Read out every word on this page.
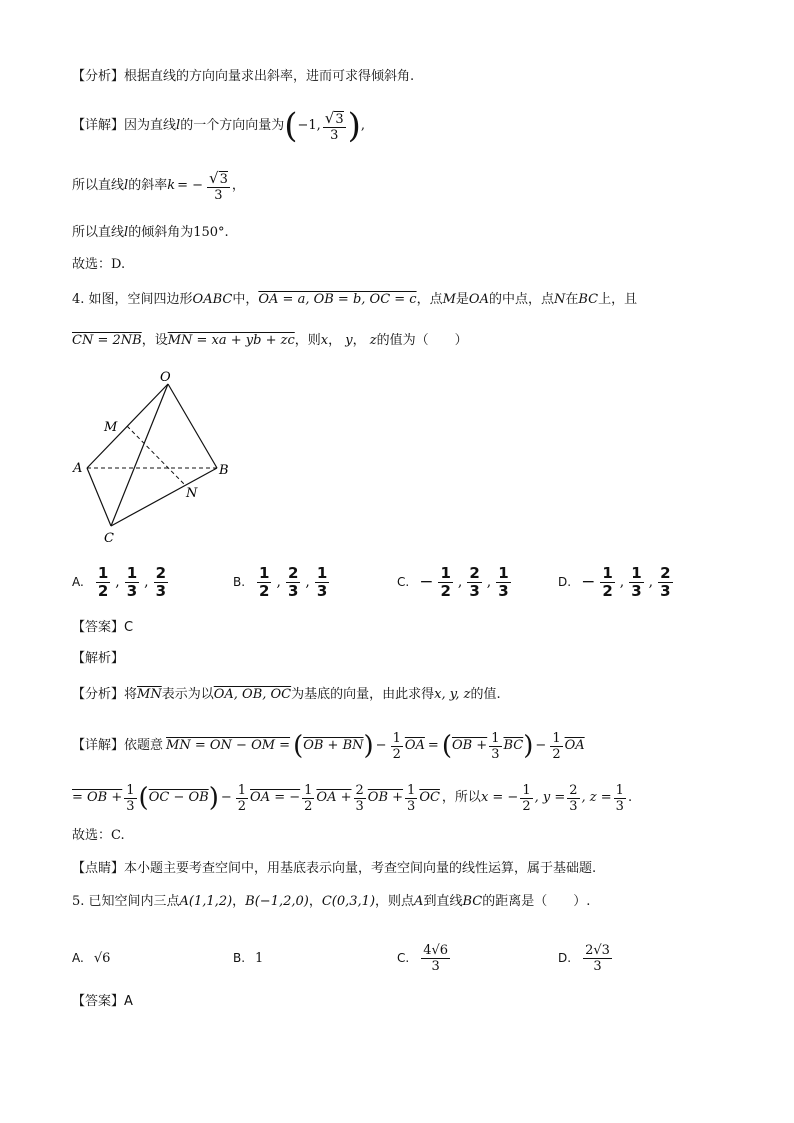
【分析】根据直线的方向向量求出斜率，进而可求得倾斜角.
【详解】 因为直线 l 的一个方向向量为 ( −1, $\frac{√3}{3}$ ) ,
所以直线 l 的斜率 k = − $\frac{√3}{3}$ ，
所以直线l的倾斜角为150°.
故选：D.
4. 如图，空间四边形OABC中，OA = a, OB = b, OC = c，点M是OA的中点，点N在BC上，且
CN = 2NB，设MN = xa + yb + zc，则x， y， z的值为（　　）
O
M
A	B
N
C
A. $\frac{1}{2}$ , $\frac{1}{3}$ , $\frac{2}{3}$	B. $\frac{1}{2}$ , $\frac{2}{3}$ , $\frac{1}{3}$	C. − $\frac{1}{2}$ , $\frac{2}{3}$ , $\frac{1}{3}$	D. − $\frac{1}{2}$ , $\frac{1}{3}$ , $\frac{2}{3}$
【答案】C
【解析】
【分析】将$\overline{MN}$表示为以OA, OB, OC为基底的向量，由此求得x, y, z的值.
【详解】 依题意 MN = ON − OM = ( OB + BN ) − $\frac{1}{2} \overline{OA}$ = ( OB + $\frac{1}{3} \overline{BC}$ ) − $\frac{1}{2} \overline{OA}$
= OB + $\frac{1}{3}$ ( OC − OB ) − $\frac{1}{2}$ OA = − $\frac{1}{2}$ OA + $\frac{2}{3}$ OB + $\frac{1}{3} \overline{OC}$ ，所以 x = − $\frac{1}{2}$ , $y = \frac{2}{3}$ , $z = \frac{1}{3}$ .
故选：C.
【点睛】本小题主要考查空间中，用基底表示向量，考查空间向量的线性运算，属于基础题.
5. 已知空间内三点A(1,1,2)，B(−1,2,0)，C(0,3,1)，则点A到直线BC的距离是（　　）.
A. √6	B. 1	C. $\frac{4√6}{3}$	D. $\frac{2√3}{3}$
【答案】A
